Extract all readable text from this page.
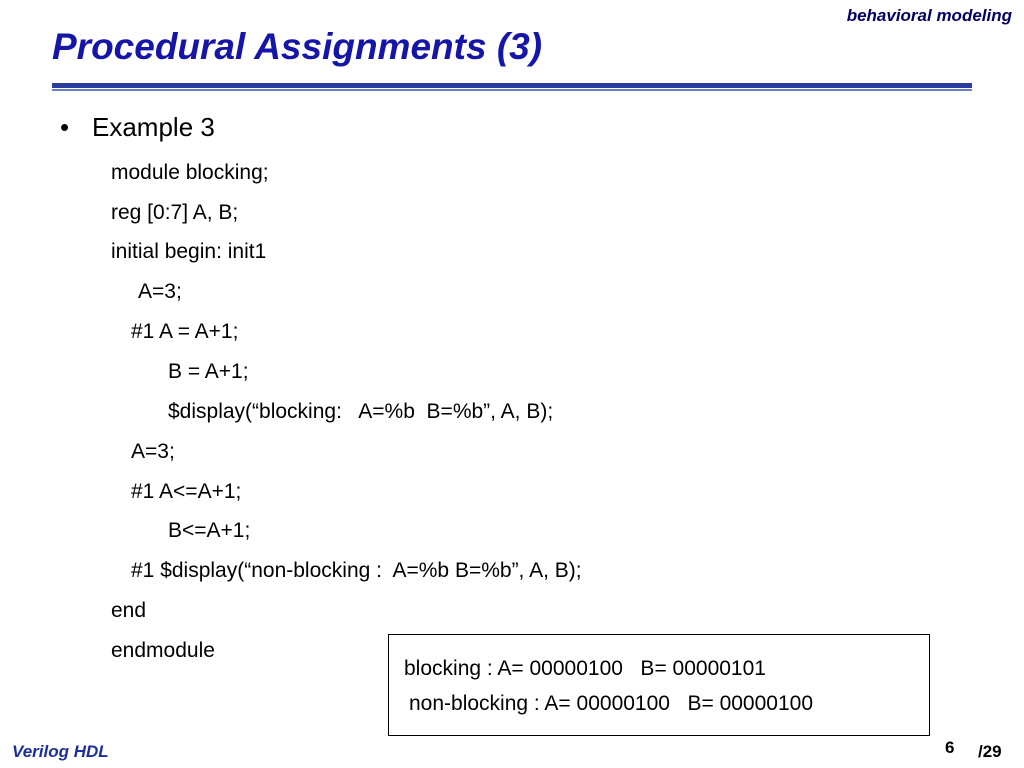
behavioral modeling
Procedural Assignments (3)
• Example 3
module blocking;
reg [0:7] A, B;
initial begin: init1
A=3;
#1 A = A+1;
B = A+1;
$display(“blocking:   A=%b  B=%b”, A, B);
A=3;
#1 A<=A+1;
B<=A+1;
#1 $display(“non-blocking :  A=%b B=%b”, A, B);
end
endmodule
blocking : A= 00000100   B= 00000101
non-blocking : A= 00000100   B= 00000100
Verilog HDL	6 /29
